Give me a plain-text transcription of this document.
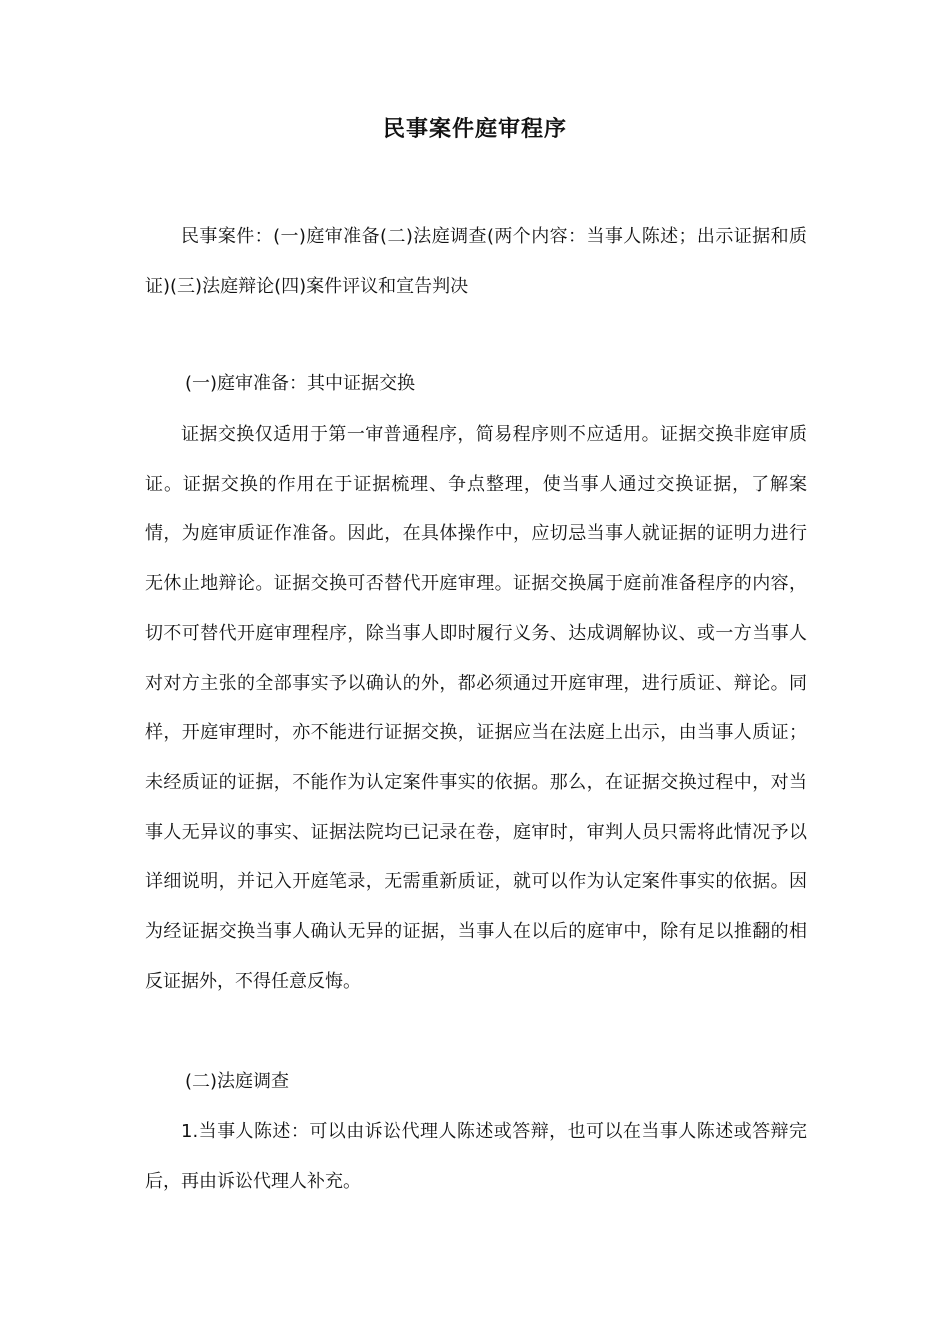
民事案件庭审程序

民事案件：(一)庭审准备(二)法庭调查(两个内容：当事人陈述；出示证据和质证)(三)法庭辩论(四)案件评议和宣告判决

(一)庭审准备：其中证据交换

证据交换仅适用于第一审普通程序，简易程序则不应适用。证据交换非庭审质证。证据交换的作用在于证据梳理、争点整理，使当事人通过交换证据，了解案情，为庭审质证作准备。因此，在具体操作中，应切忌当事人就证据的证明力进行无休止地辩论。证据交换可否替代开庭审理。证据交换属于庭前准备程序的内容，切不可替代开庭审理程序，除当事人即时履行义务、达成调解协议、或一方当事人对对方主张的全部事实予以确认的外，都必须通过开庭审理，进行质证、辩论。同样，开庭审理时，亦不能进行证据交换，证据应当在法庭上出示，由当事人质证；未经质证的证据，不能作为认定案件事实的依据。那么，在证据交换过程中，对当事人无异议的事实、证据法院均已记录在卷，庭审时，审判人员只需将此情况予以详细说明，并记入开庭笔录，无需重新质证，就可以作为认定案件事实的依据。因为经证据交换当事人确认无异的证据，当事人在以后的庭审中，除有足以推翻的相反证据外，不得任意反悔。

(二)法庭调查

1.当事人陈述：可以由诉讼代理人陈述或答辩，也可以在当事人陈述或答辩完后，再由诉讼代理人补充。
